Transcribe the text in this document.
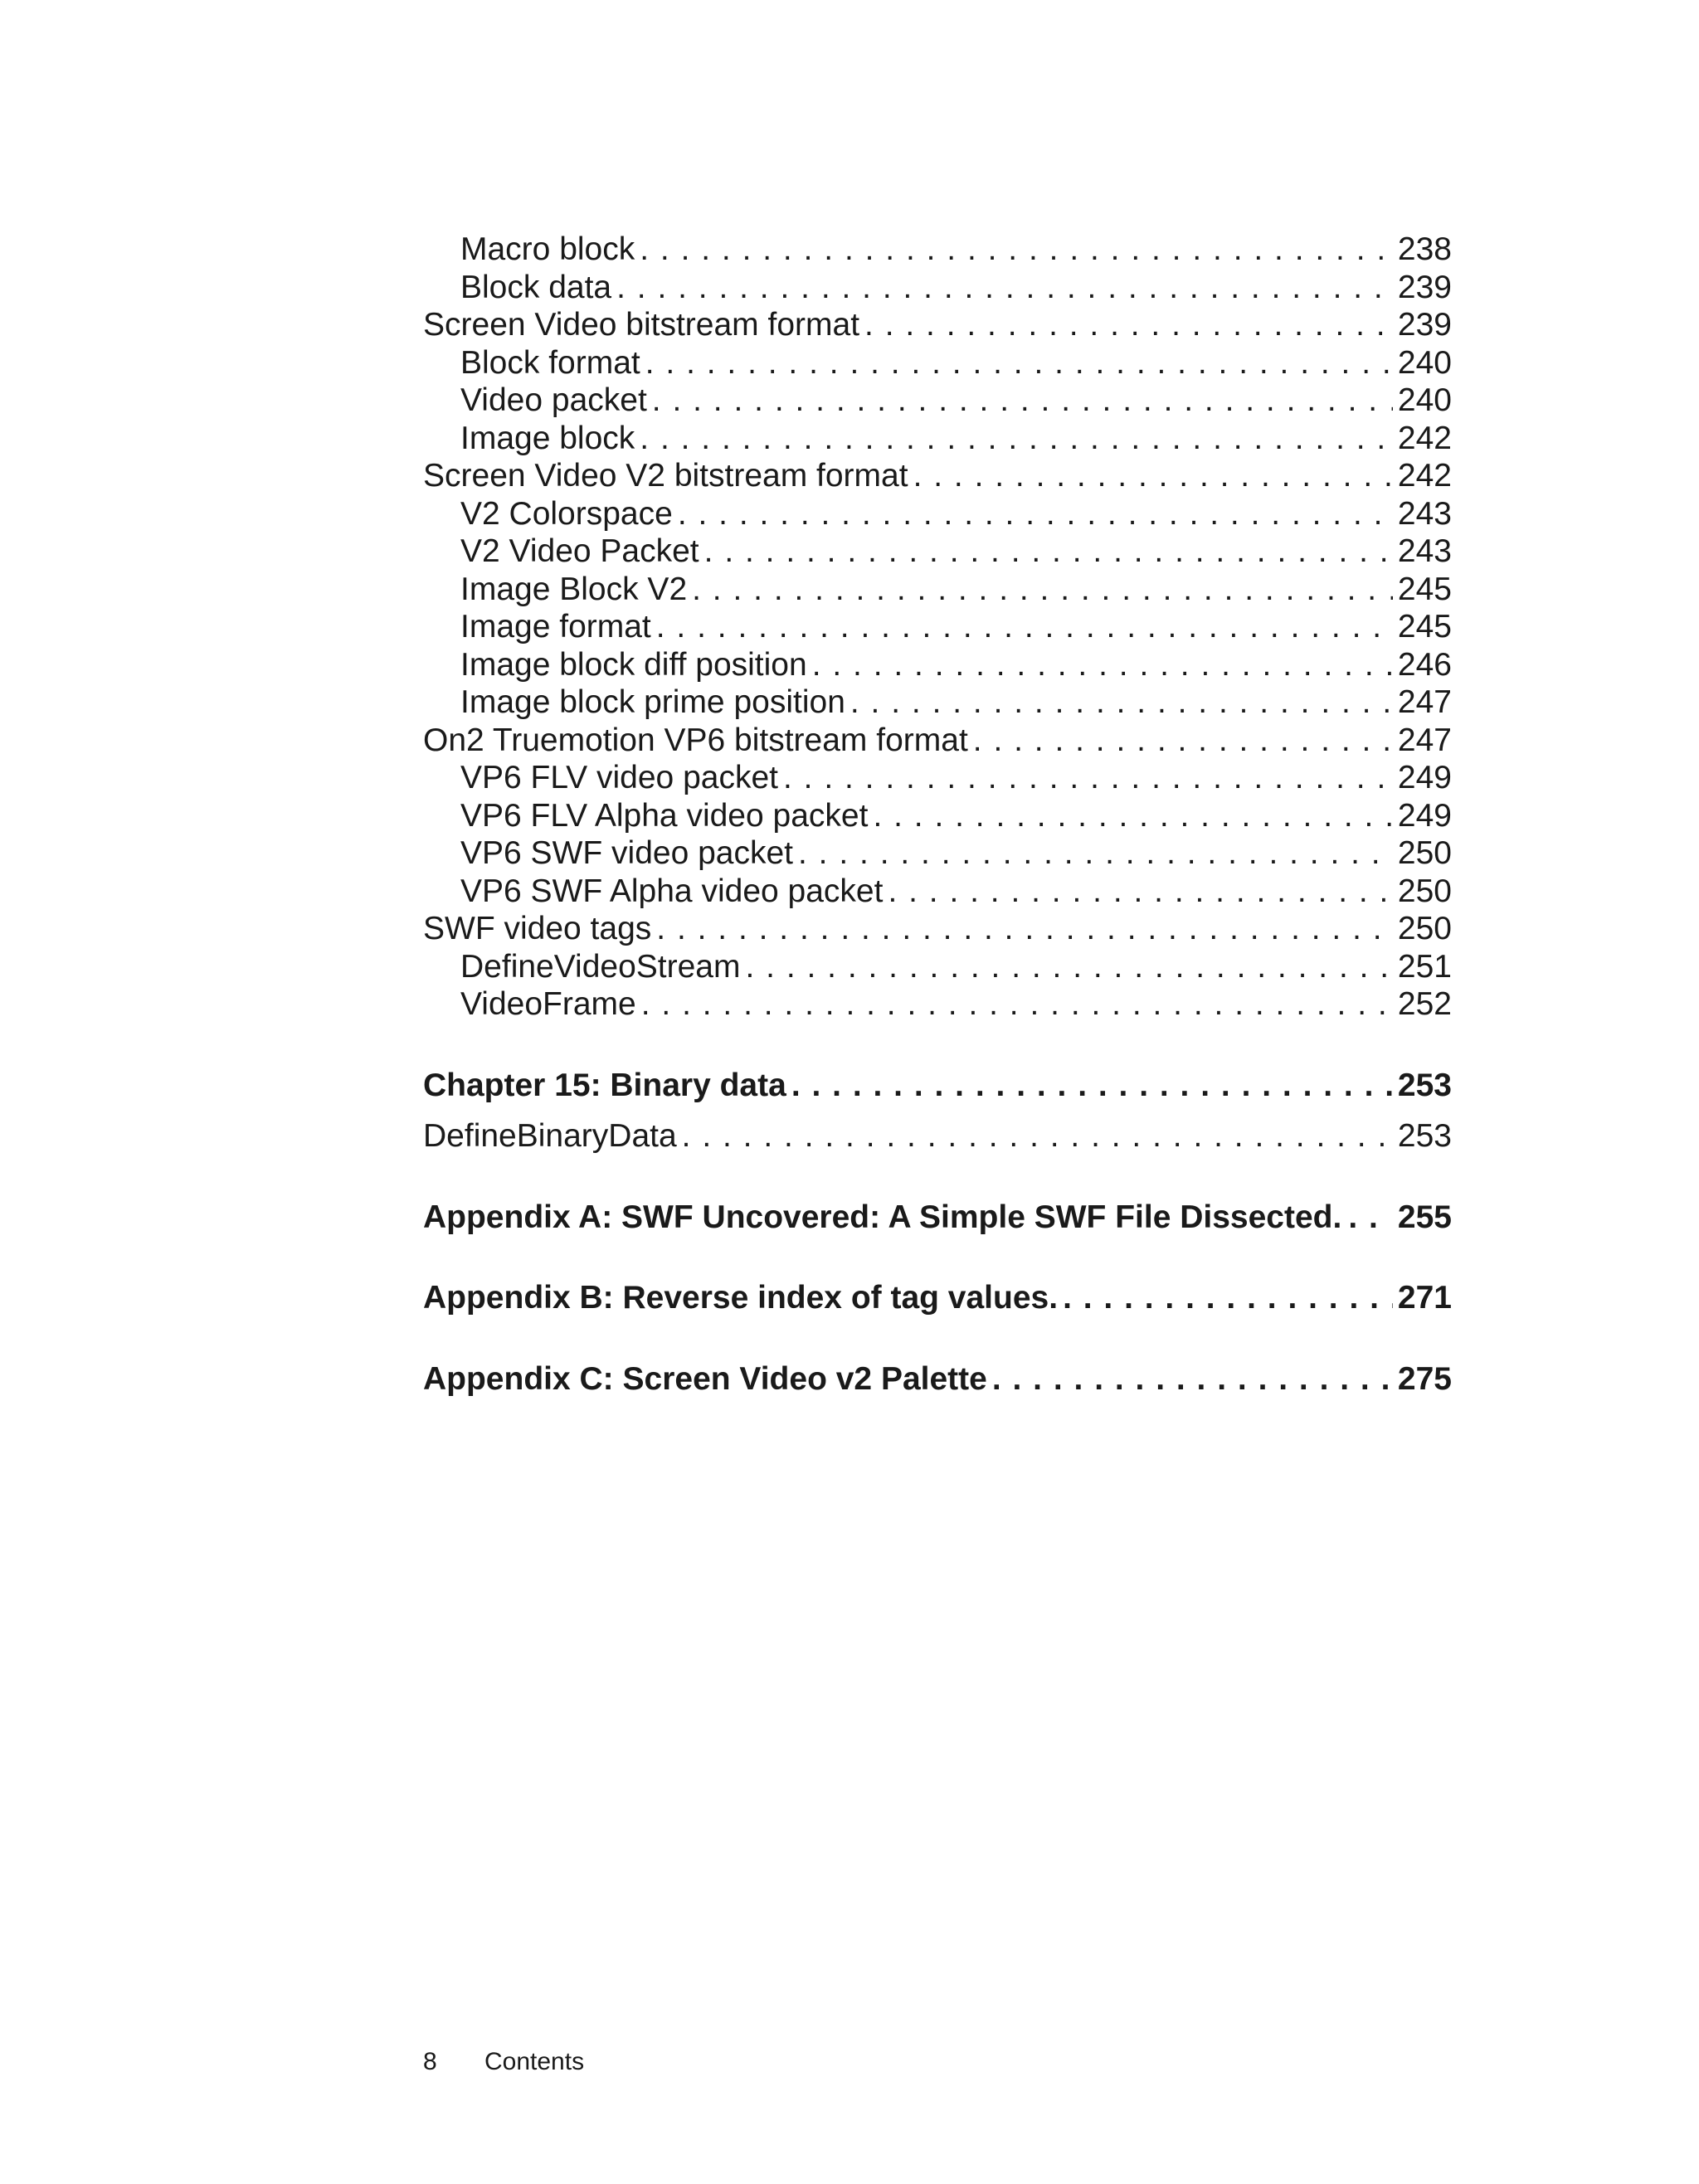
Macro block . . .	238
Block data . . .	239
Screen Video bitstream format . . .	239
Block format . . .	240
Video packet . . .	240
Image block . . .	242
Screen Video V2 bitstream format . . .	242
V2 Colorspace . . .	243
V2 Video Packet . . .	243
Image Block V2 . . .	245
Image format . . .	245
Image block diff position . . .	246
Image block prime position . . .	247
On2 Truemotion VP6 bitstream format . . .	247
VP6 FLV video packet . . .	249
VP6 FLV Alpha video packet . . .	249
VP6 SWF video packet . . .	250
VP6 SWF Alpha video packet . . .	250
SWF video tags . . .	250
DefineVideoStream . . .	251
VideoFrame . . .	252
Chapter 15: Binary data . . .	253
DefineBinaryData . . .	253
Appendix A: SWF Uncovered: A Simple SWF File Dissected. . . . 255
Appendix B: Reverse index of tag values. . . .	271
Appendix C: Screen Video v2 Palette . . .	275
8 Contents
